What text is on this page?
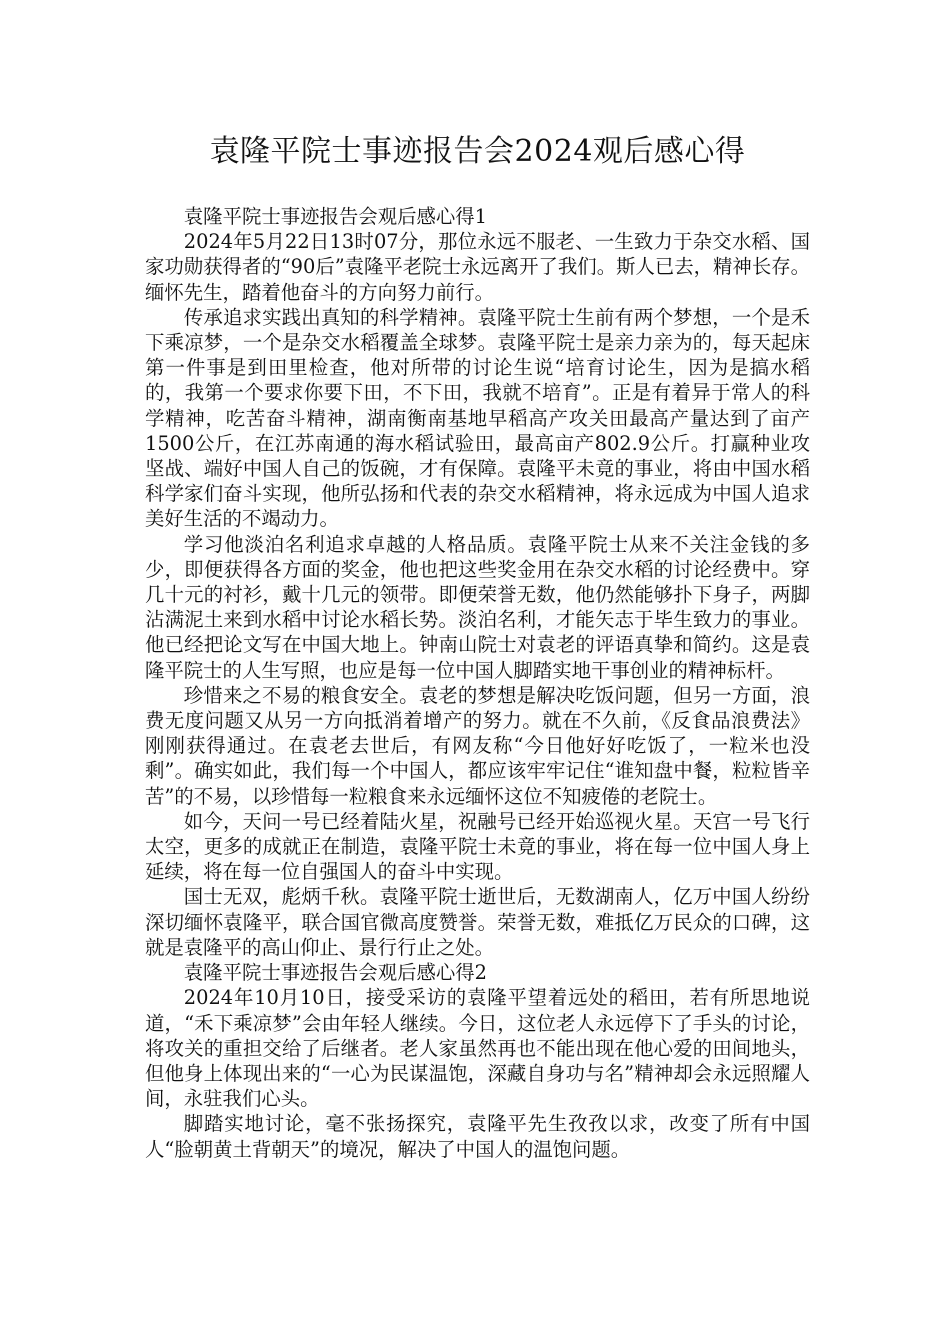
袁隆平院士事迹报告会2024观后感心得

袁隆平院士事迹报告会观后感心得1

2024年5月22日13时07分，那位永远不服老、一生致力于杂交水稻、国家功勋获得者的“90后”袁隆平老院士永远离开了我们。斯人已去，精神长存。缅怀先生，踏着他奋斗的方向努力前行。

传承追求实践出真知的科学精神。袁隆平院士生前有两个梦想，一个是禾下乘凉梦，一个是杂交水稻覆盖全球梦。袁隆平院士是亲力亲为的，每天起床第一件事是到田里检查，他对所带的讨论生说“培育讨论生，因为是搞水稻的，我第一个要求你要下田，不下田，我就不培育”。正是有着异于常人的科学精神，吃苦奋斗精神，湖南衡南基地早稻高产攻关田最高产量达到了亩产1500公斤，在江苏南通的海水稻试验田，最高亩产802.9公斤。打赢种业攻坚战、端好中国人自己的饭碗，才有保障。袁隆平未竟的事业，将由中国水稻科学家们奋斗实现，他所弘扬和代表的杂交水稻精神，将永远成为中国人追求美好生活的不竭动力。

学习他淡泊名利追求卓越的人格品质。袁隆平院士从来不关注金钱的多少，即便获得各方面的奖金，他也把这些奖金用在杂交水稻的讨论经费中。穿几十元的衬衫，戴十几元的领带。即便荣誉无数，他仍然能够扑下身子，两脚沾满泥土来到水稻中讨论水稻长势。淡泊名利，才能矢志于毕生致力的事业。他已经把论文写在中国大地上。钟南山院士对袁老的评语真挚和简约。这是袁隆平院士的人生写照，也应是每一位中国人脚踏实地干事创业的精神标杆。

珍惜来之不易的粮食安全。袁老的梦想是解决吃饭问题，但另一方面，浪费无度问题又从另一方向抵消着增产的努力。就在不久前，《反食品浪费法》刚刚获得通过。在袁老去世后，有网友称“今日他好好吃饭了，一粒米也没剩”。确实如此，我们每一个中国人，都应该牢牢记住“谁知盘中餐，粒粒皆辛苦”的不易，以珍惜每一粒粮食来永远缅怀这位不知疲倦的老院士。

如今，天问一号已经着陆火星，祝融号已经开始巡视火星。天宫一号飞行太空，更多的成就正在制造，袁隆平院士未竟的事业，将在每一位中国人身上延续，将在每一位自强国人的奋斗中实现。

国士无双，彪炳千秋。袁隆平院士逝世后，无数湖南人，亿万中国人纷纷深切缅怀袁隆平，联合国官微高度赞誉。荣誉无数，难抵亿万民众的口碑，这就是袁隆平的高山仰止、景行行止之处。

袁隆平院士事迹报告会观后感心得2

2024年10月10日，接受采访的袁隆平望着远处的稻田，若有所思地说道，“禾下乘凉梦”会由年轻人继续。今日，这位老人永远停下了手头的讨论，将攻关的重担交给了后继者。老人家虽然再也不能出现在他心爱的田间地头，但他身上体现出来的“一心为民谋温饱，深藏自身功与名”精神却会永远照耀人间，永驻我们心头。

脚踏实地讨论，毫不张扬探究，袁隆平先生孜孜以求，改变了所有中国人“脸朝黄土背朝天”的境况，解决了中国人的温饱问题。
